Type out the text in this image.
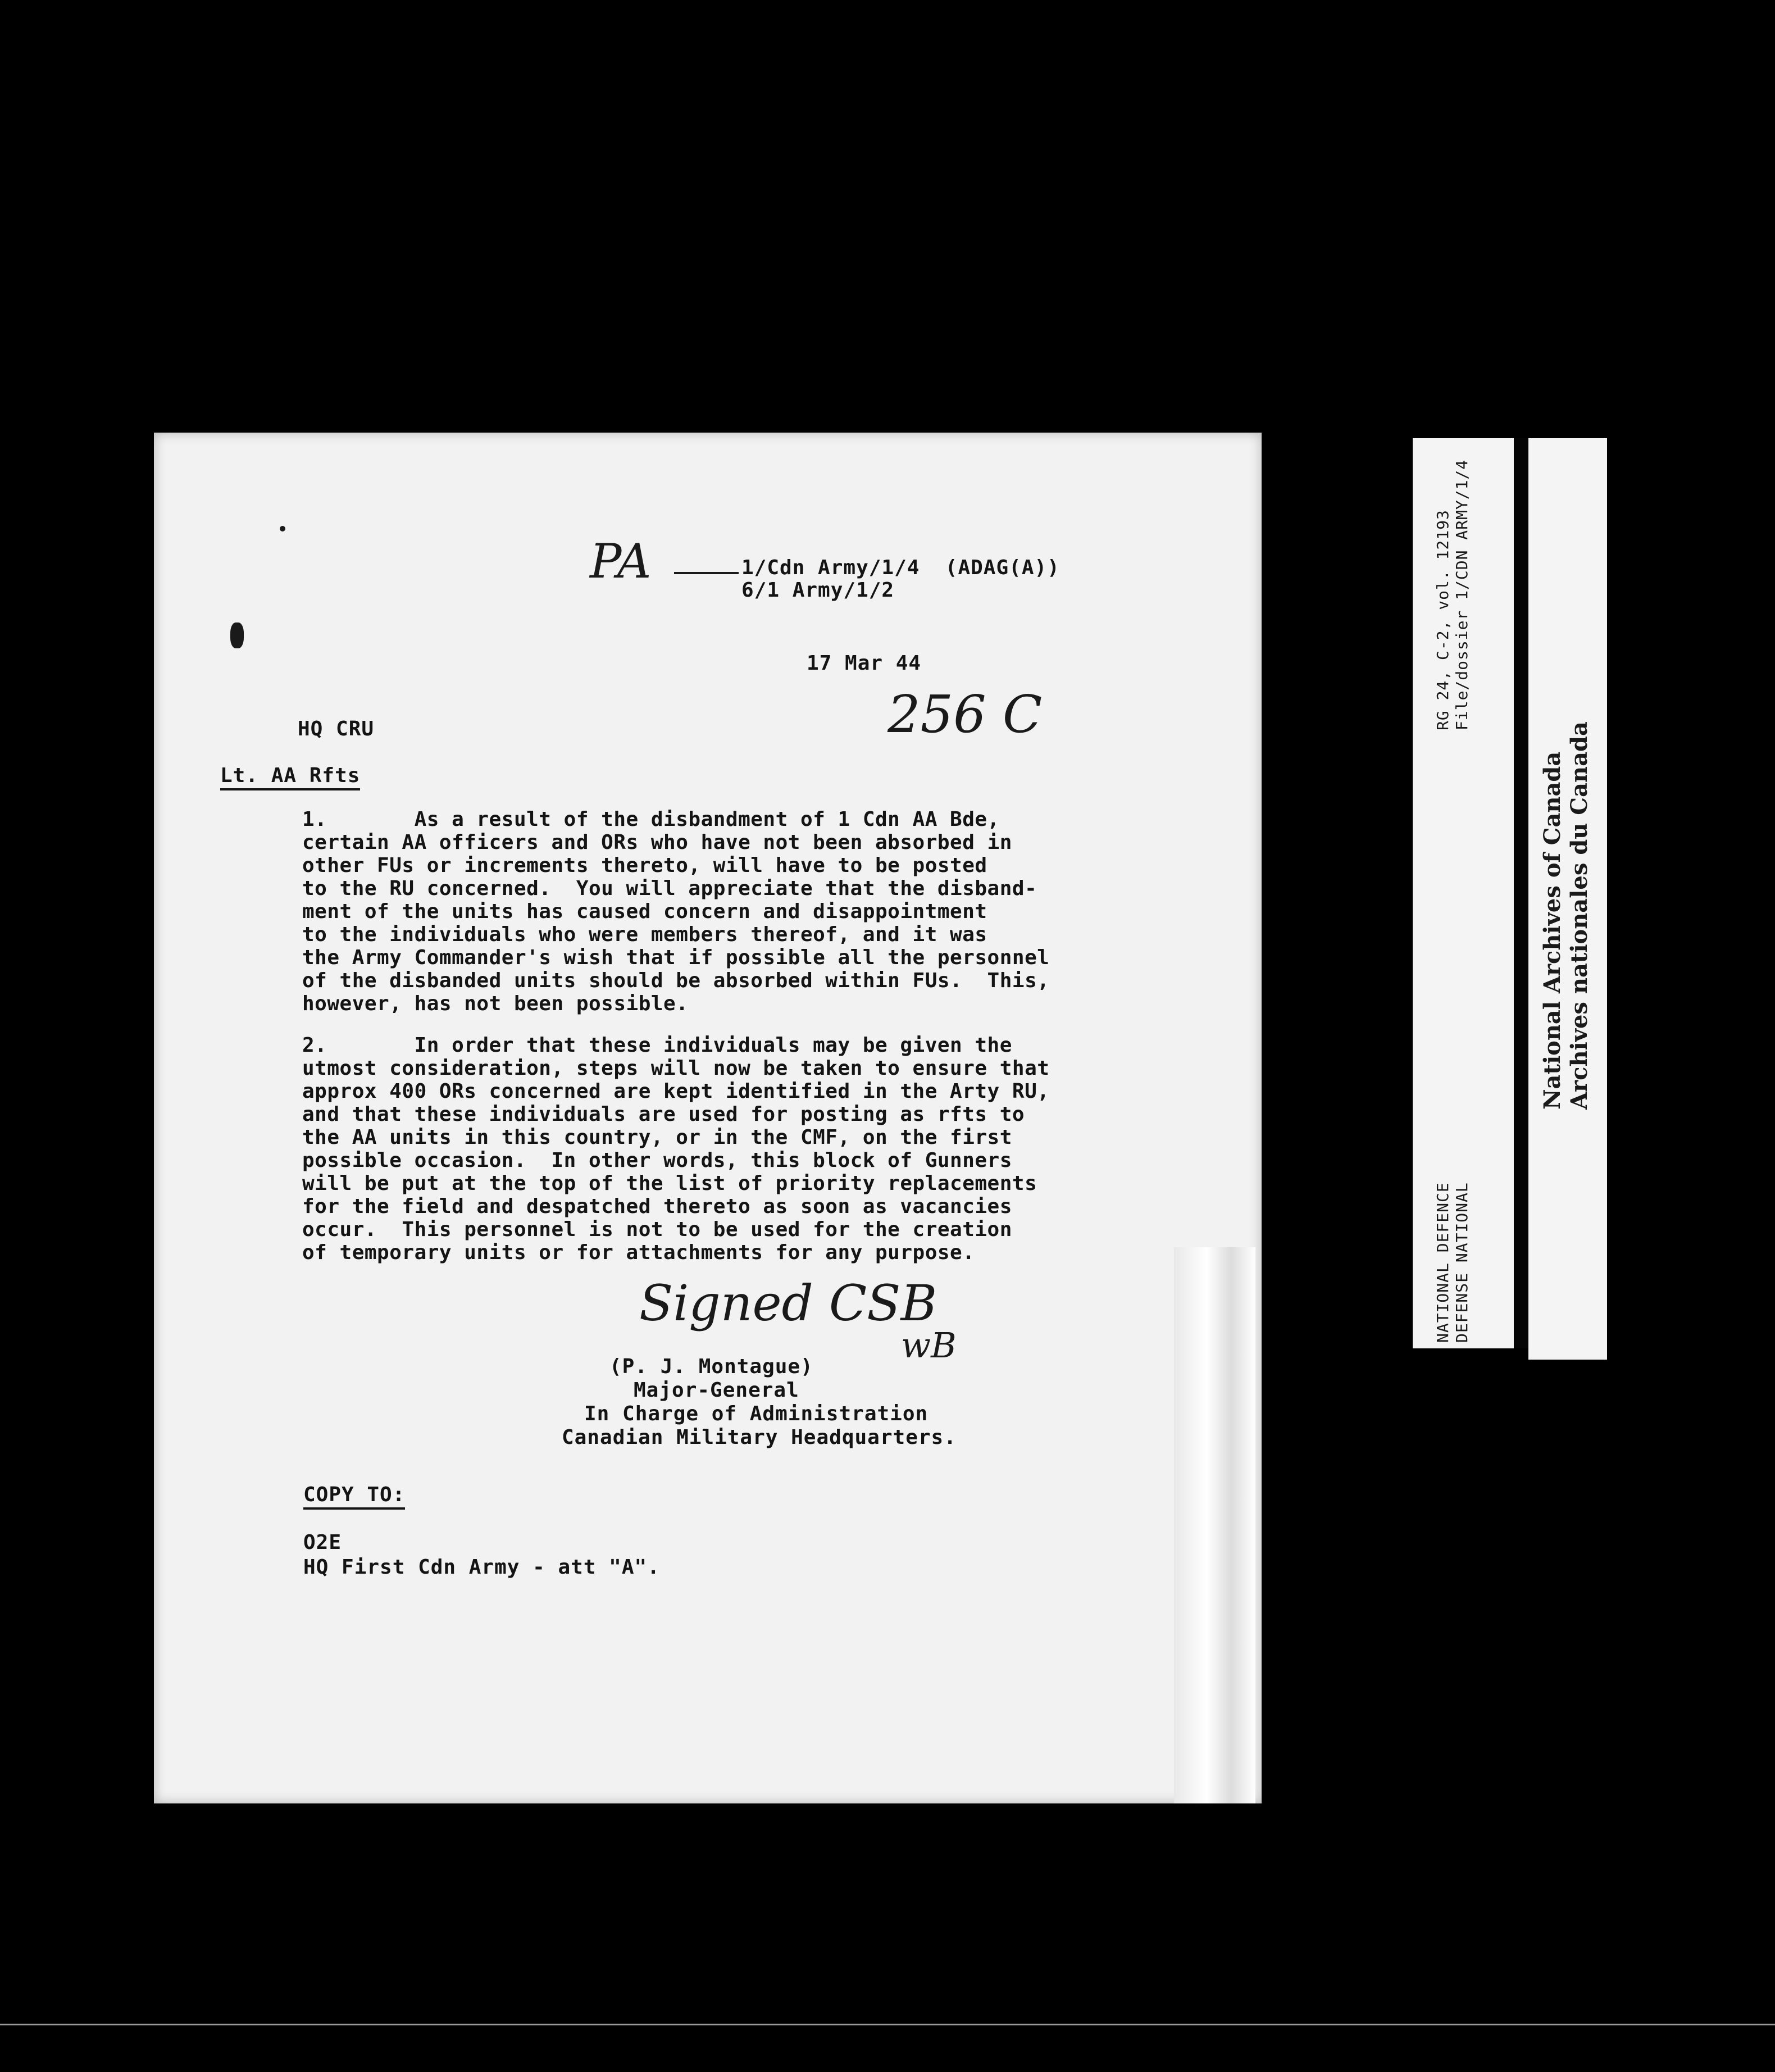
PA	1/Cdn Army/1/4  (ADAG(A))
6/1 Army/1/2
17 Mar 44
256 C
HQ CRU
Lt. AA Rfts
1.       As a result of the disbandment of 1 Cdn AA Bde,
certain AA officers and ORs who have not been absorbed in
other FUs or increments thereto, will have to be posted
to the RU concerned.  You will appreciate that the disband-
ment of the units has caused concern and disappointment
to the individuals who were members thereof, and it was
the Army Commander's wish that if possible all the personnel
of the disbanded units should be absorbed within FUs.  This,
however, has not been possible.
2.       In order that these individuals may be given the
utmost consideration, steps will now be taken to ensure that
approx 400 ORs concerned are kept identified in the Arty RU,
and that these individuals are used for posting as rfts to
the AA units in this country, or in the CMF, on the first
possible occasion.  In other words, this block of Gunners
will be put at the top of the list of priority replacements
for the field and despatched thereto as soon as vacancies
occur.  This personnel is not to be used for the creation
of temporary units or for attachments for any purpose.
Signed CSB
wB
(P. J. Montague)
Major-General
In Charge of Administration
Canadian Military Headquarters.
COPY TO:
O2E
HQ First Cdn Army - att "A".
RG 24, C-2, vol. 12193 File/dossier 1/CDN ARMY/1/4
NATIONAL DEFENCE DEFENSE NATIONAL
National Archives of Canada Archives nationales du Canada
